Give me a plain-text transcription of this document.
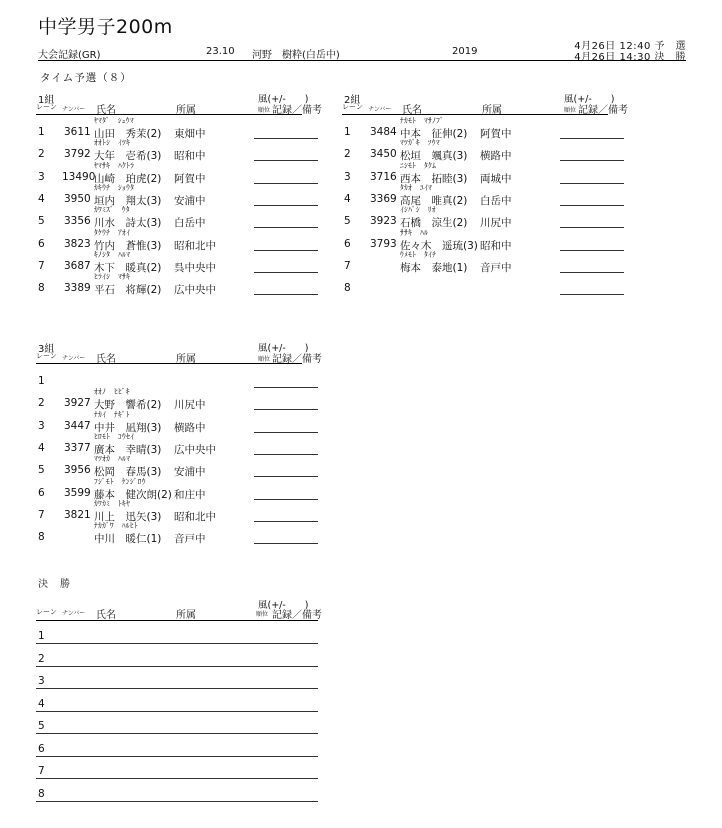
中学男子200m
4月26日 12:40 予　選
4月26日 14:30 決　勝
大会記録(GR)	23.10 河野　樹粋(白岳中)	2019
タイム予選（８）
1組
レーン ナンバー 氏名	所属
風(+/-　　)
順位 記録／備考
1 3611
ﾔﾏﾀﾞ　ｼｭｳﾏ
山田　秀茉(2) 東畑中
2 3792
ｵｵﾄｼ　ｲﾂｷ
大年　壱希(3) 昭和中
3 13490
ﾔﾏｻｷ　ﾊｸﾄﾗ
山崎　珀虎(2) 阿賀中
4 3950
ｶｷｳﾁ　ｼｮｳﾀ
垣内　翔太(3) 安浦中
5 3356
ｶﾜﾐｽﾞ　ｳﾀ
川水　詩太(3) 白岳中
6 3823
ﾀｹｳﾁ　ｱｵｲ
竹内　蒼惟(3) 昭和北中
7 3687
ｷﾉｼﾀ　ﾊﾙﾏ
木下　暖真(2) 呉中央中
8 3389
ﾋﾗｲｼ　ﾏｻｷ
平石　将輝(2) 広中央中
2組
レーン ナンバー 氏名	所属
風(+/-　　)
順位 記録／備考
1 3484
ﾅｶﾓﾄ　ﾏｻﾉﾌﾞ
中本　征伸(2) 阿賀中
2 3450
ﾏﾂｶﾞｷ　ｿｳﾏ
松垣　颯真(3) 横路中
3 3716
ﾆｼﾓﾄ　ﾀｸﾑ
西本　拓睦(3) 両城中
4 3369
ﾀｶｵ　ﾕｲﾏ
高尾　唯真(2) 白岳中
5 3923
ｲｼﾊﾞｼ　ﾘｵ
石橋　涼生(2) 川尻中
6 3793
ｻｻｷ　ﾊﾙ
佐々木　遥琉(3) 昭和中
7
ｳﾒﾓﾄ　ﾀｲﾁ
梅本　泰地(1) 音戸中
8
3組
レーン ナンバー 氏名	所属
風(+/-　　)
順位 記録／備考
1
2 3927
ｵｵﾉ　ﾋﾋﾞｷ
大野　響希(2) 川尻中
3 3447
ﾅｶｲ　ﾅｷﾞﾄ
中井　凪翔(3) 横路中
4 3377
ﾋﾛﾓﾄ　ｺｳｾｲ
廣本　幸晴(3) 広中央中
5 3956
ﾏﾂｵｶ　ﾊﾙﾏ
松岡　春馬(3) 安浦中
6 3599
ﾌｼﾞﾓﾄ　ｹﾝｼﾞﾛｳ
藤本　健次朗(2) 和庄中
7 3821
ｶﾜｶﾐ　ﾄｷﾔ
川上　迅矢(3) 昭和北中
8
ﾅｶｶﾞﾜ　ﾊﾙﾋﾄ
中川　暖仁(1) 音戸中
決　勝
風(+/-　　)
レーン ナンバー 氏名	所属	順位 記録／備考
1
2
3
4
5
6
7
8
